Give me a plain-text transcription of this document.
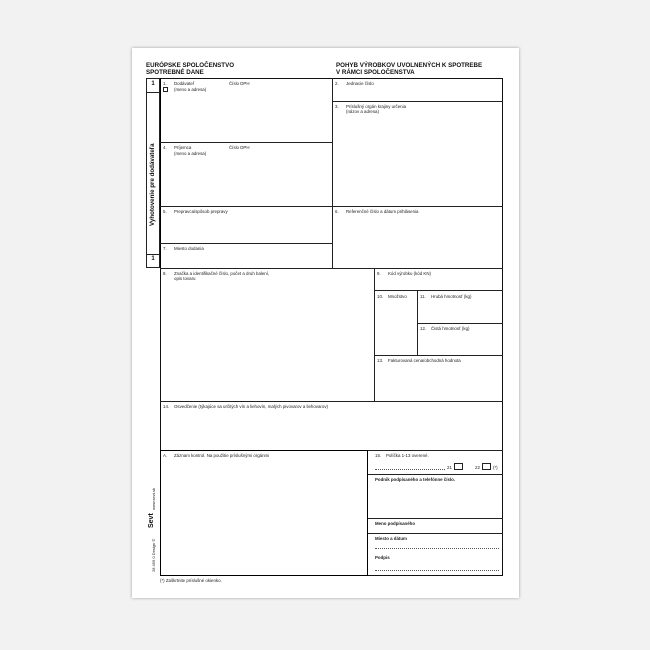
EURÓPSKE SPOLOČENSTVO
SPOTREBNÉ DANE
POHYB VÝROBKOV UVOLNENÝCH K SPOTREBE
V RÁMCI SPOLOČENSTVA
1
1
Vyhotovenie pre dodávateľa
1. Dodávateľ
(meno a adresa)
Číslo DPH	2. Jednacie číslo
3. Príslušný orgán krajiny určenia
(názov a adresa)
4. Príjemca
(meno a adresa)
Číslo DPH
5. Prepravca/spôsob prepravy	6. Referenčné číslo a dátum prihlásenia
7. Miesto dodania
8. Značka a identifikačné číslo, počet a druh balení,
opis tovaru
9. Kód výrobku (kód KN)
10. Množstvo	11. Hrubá hmotnosť (kg)
12. Čistá hmotnosť (kg)
13. Fakturovaná cena/obchodná hodnota
14. Osvedčenie (týkajúce sa určitých vín a liehovín, malých pivovarov a liehovarov)
A. Záznam kontrol. Na použitie príslušnými orgánmi	15. Políčka 1-13 overené.
21	22	(*)
Podnik podpísaného a telefónne číslo.
Meno podpísaného
Miesto a dátum
Podpis
(*) Zaškrtnite príslušné okienko.
28 459 0 Design ©
Sevt
www.sevt.sk
